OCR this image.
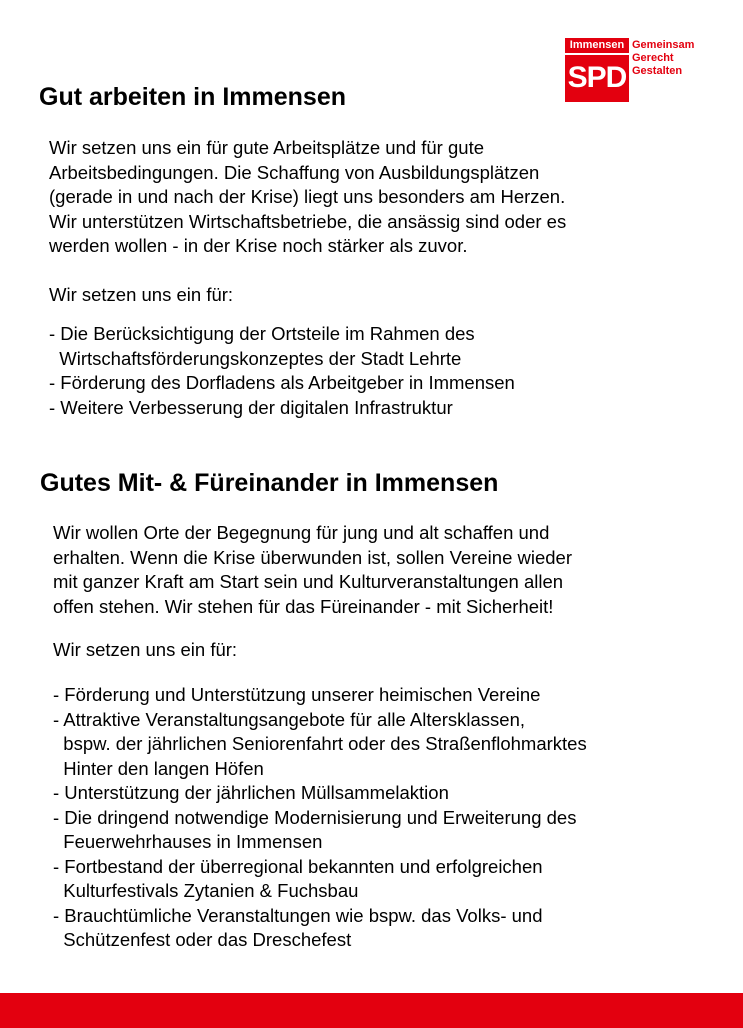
Immensen
SPD
Gemeinsam
Gerecht
Gestalten
Gut arbeiten in Immensen
Wir setzen uns ein für gute Arbeitsplätze und für gute
Arbeitsbedingungen. Die Schaffung von Ausbildungsplätzen
(gerade in und nach der Krise) liegt uns besonders am Herzen.
Wir unterstützen Wirtschaftsbetriebe, die ansässig sind oder es
werden wollen - in der Krise noch stärker als zuvor.

Wir setzen uns ein für:

- Die Berücksichtigung der Ortsteile im Rahmen des
Wirtschaftsförderungskonzeptes der Stadt Lehrte
- Förderung des Dorfladens als Arbeitgeber in Immensen
- Weitere Verbesserung der digitalen Infrastruktur
Gutes Mit- & Füreinander in Immensen
Wir wollen Orte der Begegnung für jung und alt schaffen und
erhalten. Wenn die Krise überwunden ist, sollen Vereine wieder
mit ganzer Kraft am Start sein und Kulturveranstaltungen allen
offen stehen. Wir stehen für das Füreinander - mit Sicherheit!

Wir setzen uns ein für:

- Förderung und Unterstützung unserer heimischen Vereine
- Attraktive Veranstaltungsangebote für alle Altersklassen,
bspw. der jährlichen Seniorenfahrt oder des Straßenflohmarktes
Hinter den langen Höfen
- Unterstützung der jährlichen Müllsammelaktion
- Die dringend notwendige Modernisierung und Erweiterung des
Feuerwehrhauses in Immensen
- Fortbestand der überregional bekannten und erfolgreichen
Kulturfestivals Zytanien & Fuchsbau
- Brauchtümliche Veranstaltungen wie bspw. das Volks- und
Schützenfest oder das Dreschefest
